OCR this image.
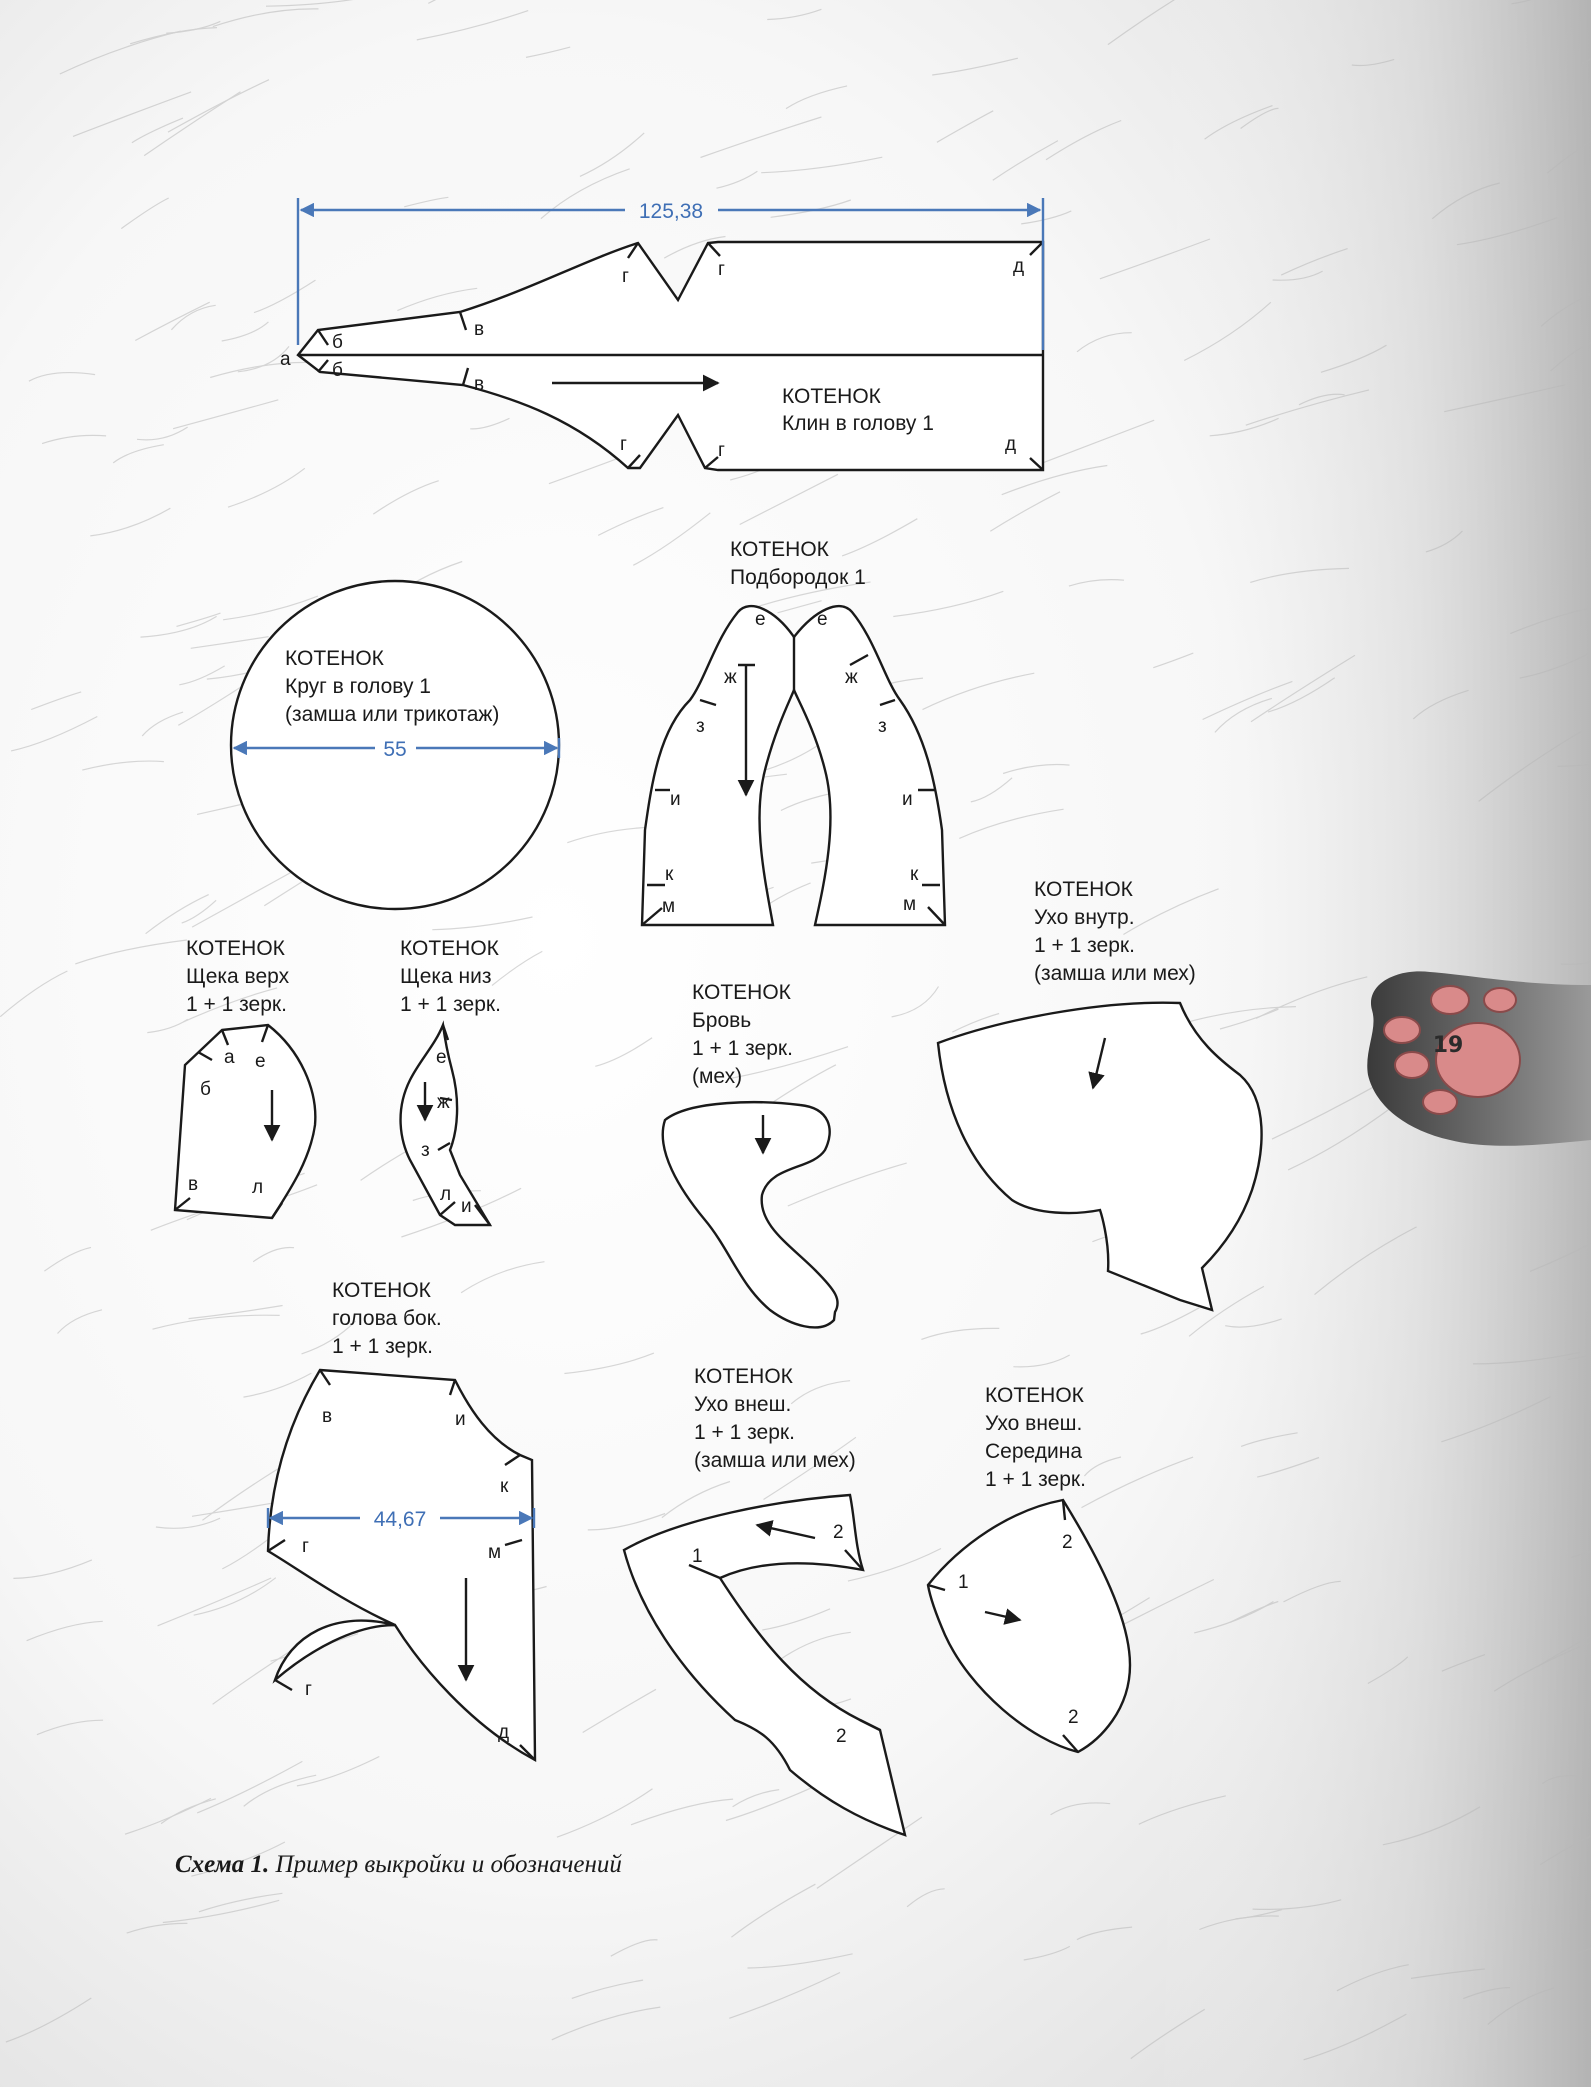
19
125,38
а
б
б
в
в
г	г
г	г
д
д
КОТЕНОК
Клин в голову 1
55
КОТЕНОК
Круг в голову 1
(замша или трикотаж)
е	е
ж	ж
з	з
и	и
к	к
м	м
КОТЕНОК
Подбородок 1
а е
б
в	л
КОТЕНОК
Щека верх
1 + 1 зерк.
е
ж
з
л
и
КОТЕНОК
Щека низ
1 + 1 зерк.
КОТЕНОК
Бровь
1 + 1 зерк.
(мех)
КОТЕНОК
Ухо внутр.
1 + 1 зерк.
(замша или мех)
44,67
в	и
к
г	м
г
д
КОТЕНОК
голова бок.
1 + 1 зерк.
1
2
2
КОТЕНОК
Ухо внеш.
1 + 1 зерк.
(замша или мех)
1
2
2
КОТЕНОК
Ухо внеш.
Середина
1 + 1 зерк.
Схема 1. Пример выкройки и обозначений
